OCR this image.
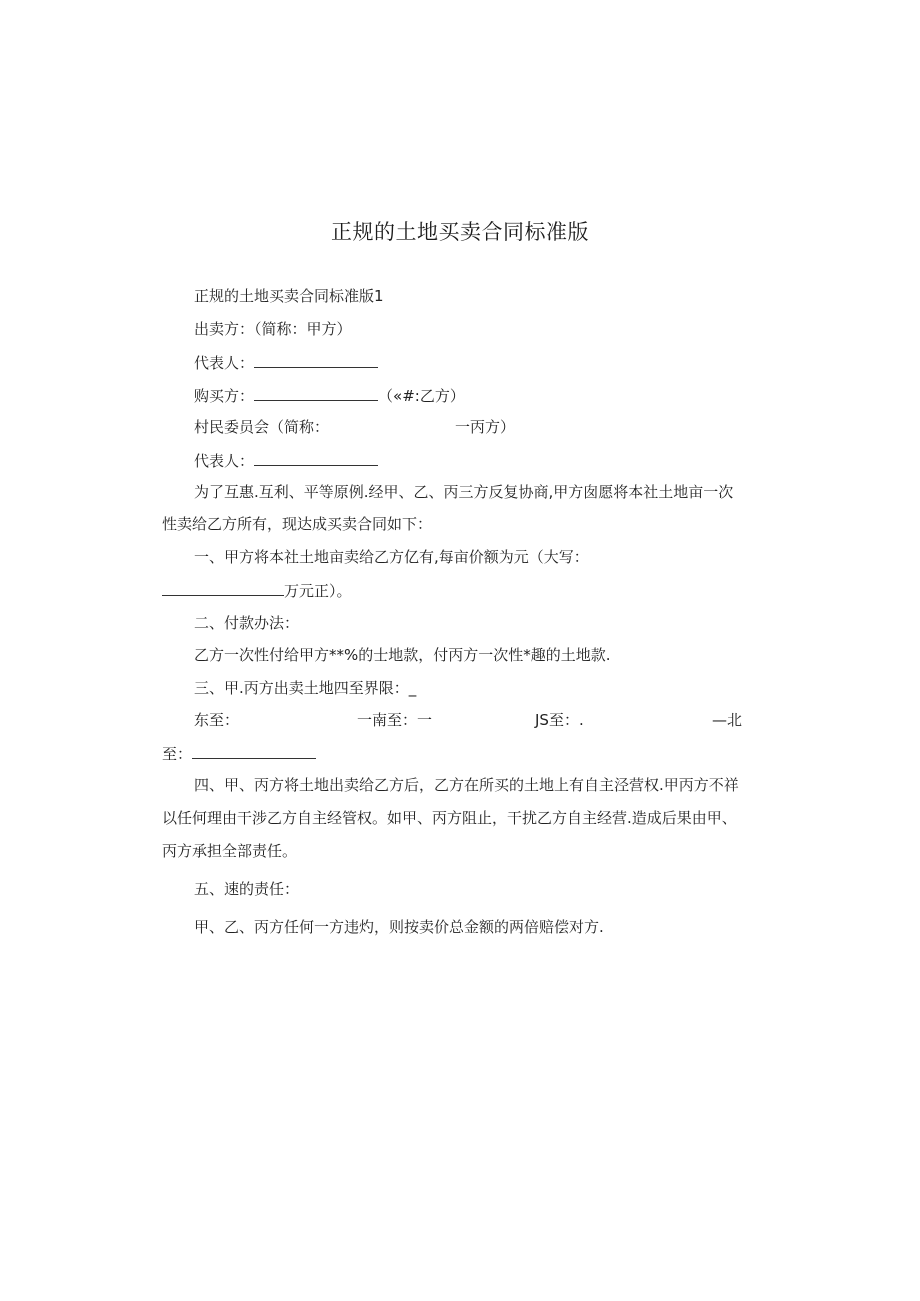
正规的土地买卖合同标准版
正规的土地买卖合同标准版1
出卖方：（简称：甲方）
代表人：
购买方：	（«#:乙方）
村民委员会（简称：	一丙方）
代表人：
为了互惠.互利、平等原例.经甲、乙、丙三方反复协商,甲方囱愿将本社土地亩一次
性卖给乙方所有，现达成买卖合同如下：
一、甲方将本社土地亩卖给乙方亿有,每亩价额为元（大写：
万元正）。
二、付款办法：
乙方一次性付给甲方**%的士地款，付丙方一次性*趣的土地款.
三、甲.丙方出卖土地四至界限：_
东至：	一南至：一	JS至：.	—北
至：
四、甲、丙方将土地出卖给乙方后，乙方在所买的土地上有自主泾营权.甲丙方不祥
以任何理由干涉乙方自主经管权。如甲、丙方阻止，干扰乙方自主经营.造成后果由甲、
丙方承担全部责任。
五、速的责任：
甲、乙、丙方任何一方违灼，则按卖价总金额的两倍赔偿对方.
